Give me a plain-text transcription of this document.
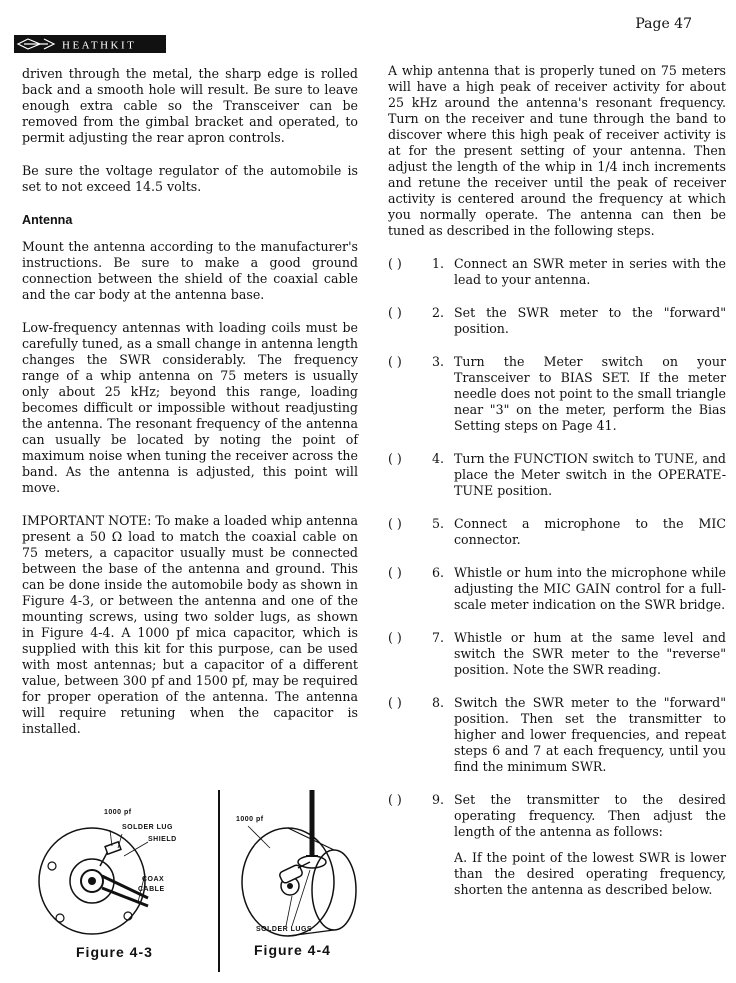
Page 47
HEATHKIT

driven through the metal, the sharp edge is rolled back and a smooth hole will result. Be sure to leave enough extra cable so the Transceiver can be removed from the gimbal bracket and operated, to permit adjusting the rear apron controls.

Be sure the voltage regulator of the automobile is set to not exceed 14.5 volts.

Antenna

Mount the antenna according to the manufacturer's instructions. Be sure to make a good ground connection between the shield of the coaxial cable and the car body at the antenna base.

Low-frequency antennas with loading coils must be carefully tuned, as a small change in antenna length changes the SWR considerably. The frequency range of a whip antenna on 75 meters is usually only about 25 kHz; beyond this range, loading becomes difficult or impossible without readjusting the antenna. The resonant frequency of the antenna can usually be located by noting the point of maximum noise when tuning the receiver across the band. As the antenna is adjusted, this point will move.

IMPORTANT NOTE: To make a loaded whip antenna present a 50 Ω load to match the coaxial cable on 75 meters, a capacitor usually must be connected between the base of the antenna and ground. This can be done inside the automobile body as shown in Figure 4-3, or between the antenna and one of the mounting screws, using two solder lugs, as shown in Figure 4-4. A 1000 pf mica capacitor, which is supplied with this kit for this purpose, can be used with most antennas; but a capacitor of a different value, between 300 pf and 1500 pf, may be required for proper operation of the antenna. The antenna will require retuning when the capacitor is installed.

1000 pf
SOLDER LUG
SHIELD
COAX
CABLE
Figure 4-3
1000 pf
SOLDER LUGS
Figure 4-4

A whip antenna that is properly tuned on 75 meters will have a high peak of receiver activity for about 25 kHz around the antenna's resonant frequency. Turn on the receiver and tune through the band to discover where this high peak of receiver activity is at for the present setting of your antenna. Then adjust the length of the whip in 1/4 inch increments and retune the receiver until the peak of receiver activity is centered around the frequency at which you normally operate. The antenna can then be tuned as described in the following steps.

( )	1. Connect an SWR meter in series with the lead to your antenna.
( )	2. Set the SWR meter to the "forward" position.
( )	3. Turn the Meter switch on your Transceiver to BIAS SET. If the meter needle does not point to the small triangle near "3" on the meter, perform the Bias Setting steps on Page 41.
( )	4. Turn the FUNCTION switch to TUNE, and place the Meter switch in the OPERATE-TUNE position.
( )	5. Connect a microphone to the MIC connector.
( )	6. Whistle or hum into the microphone while adjusting the MIC GAIN control for a full-scale meter indication on the SWR bridge.
( )	7. Whistle or hum at the same level and switch the SWR meter to the "reverse" position. Note the SWR reading.
( )	8. Switch the SWR meter to the "forward" position. Then set the transmitter to higher and lower frequencies, and repeat steps 6 and 7 at each frequency, until you find the minimum SWR.
( )	9. Set the transmitter to the desired operating frequency. Then adjust the length of the antenna as follows:

A. If the point of the lowest SWR is lower than the desired operating frequency, shorten the antenna as described below.
